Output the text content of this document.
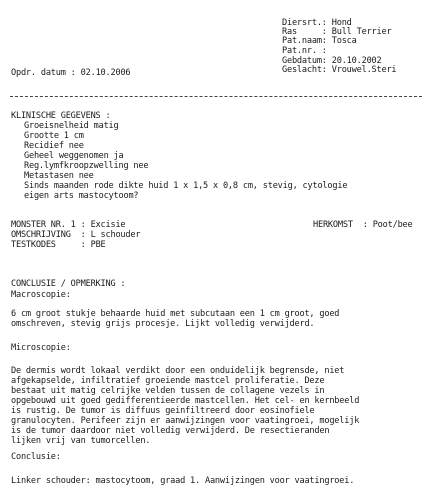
Diersrt.: Hond
Ras     : Bull Terrier
Pat.naam: Tosca
Pat.nr. :
Gebdatum: 20.10.2002
Geslacht: Vrouwel.Steri
Opdr. datum : 02.10.2006
KLINISCHE GEGEVENS :
Groeisnelheid matig
Grootte 1 cm
Recidief nee
Geheel weggenomen ja
Reg.lymfkroopzwelling nee
Metastasen nee
Sinds maanden rode dikte huid 1 x 1,5 x 0,8 cm, stevig, cytologie
eigen arts mastocytoom?
MONSTER NR. 1 : Excisie
OMSCHRIJVING  : L schouder
TESTKODES     : PBE
HERKOMST  : Poot/bee
CONCLUSIE / OPMERKING :
Macroscopie:
6 cm groot stukje behaarde huid met subcutaan een 1 cm groot, goed
omschreven, stevig grijs procesje. Lijkt volledig verwijderd.
Microscopie:
De dermis wordt lokaal verdikt door een onduidelijk begrensde, niet
afgekapselde, infiltratief groeiende mastcel proliferatie. Deze
bestaat uit matig celrijke velden tussen de collagene vezels in
opgebouwd uit goed gedifferentieerde mastcellen. Het cel- en kernbeeld
is rustig. De tumor is diffuus geinfiltreerd door eosinofiele
granulocyten. Perifeer zijn er aanwijzingen voor vaatingroei, mogelijk
is de tumor daardoor niet volledig verwijderd. De resectieranden
lijken vrij van tumorcellen.
Conclusie:
Linker schouder: mastocytoom, graad 1. Aanwijzingen voor vaatingroei.
